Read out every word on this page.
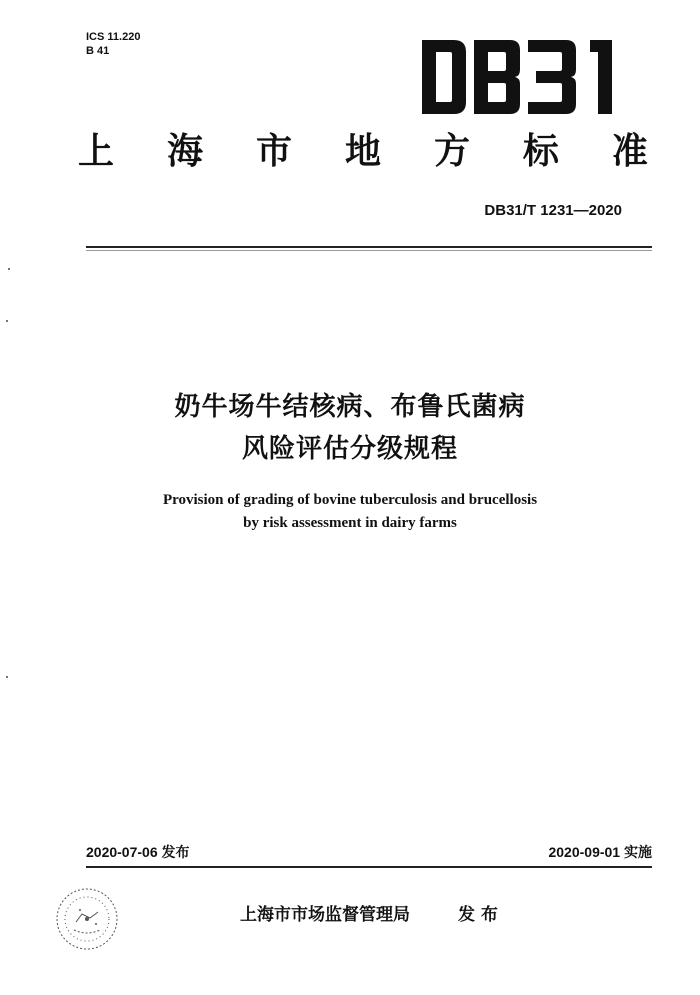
ICS 11.220
B 41
上 海 市 地 方 标 准
DB31/T 1231—2020
奶牛场牛结核病、布鲁氏菌病
风险评估分级规程
Provision of grading of bovine tuberculosis and brucellosis
by risk assessment in dairy farms
2020-07-06 发布	2020-09-01 实施
上海市市场监督管理局	发 布
